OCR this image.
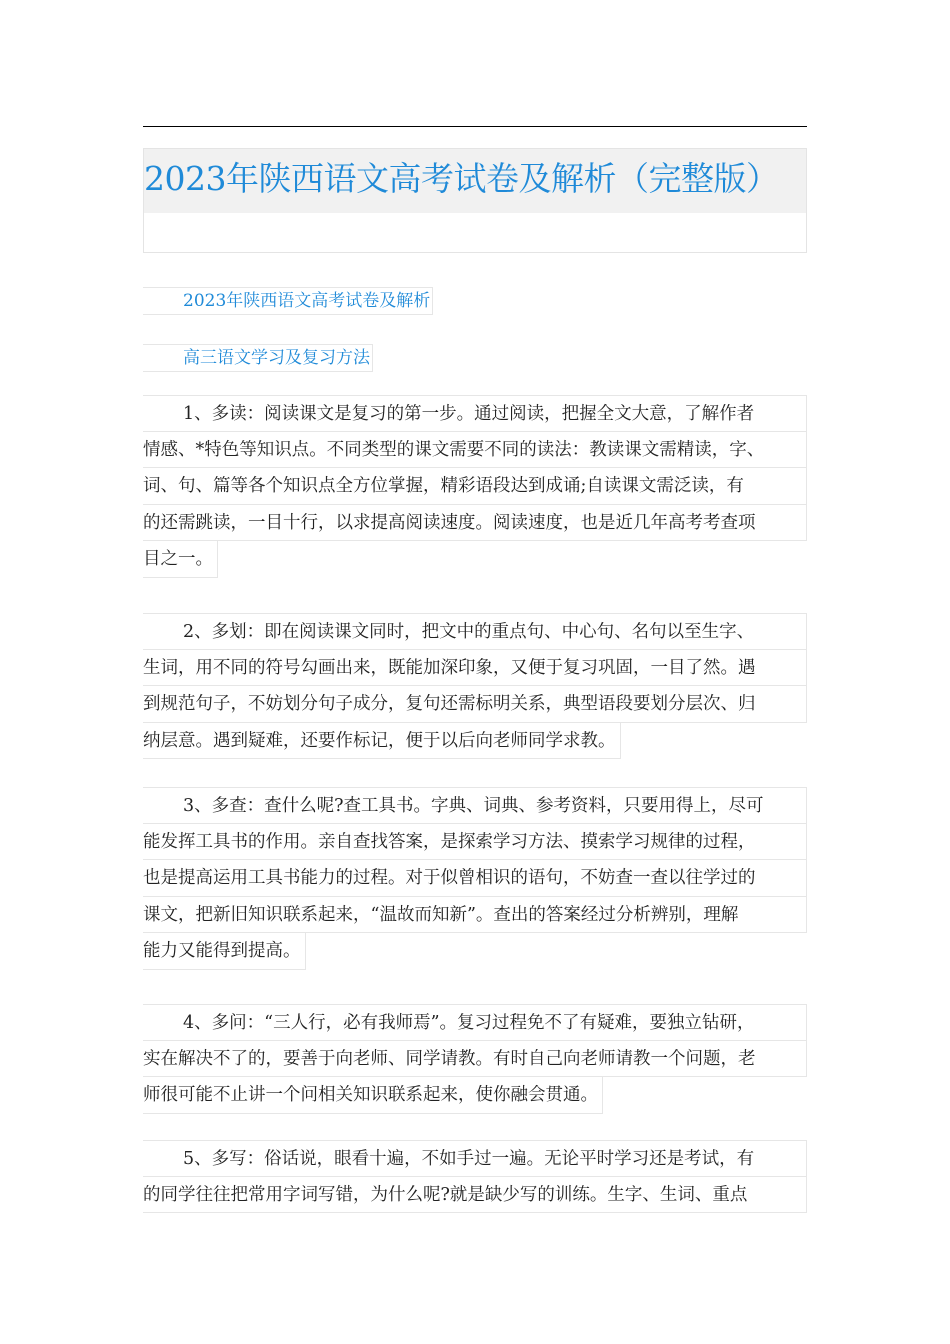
2023年陕西语文高考试卷及解析（完整版）
2023年陕西语文高考试卷及解析
高三语文学习及复习方法
1、多读：阅读课文是复习的第一步。通过阅读，把握全文大意，了解作者
情感、*特色等知识点。不同类型的课文需要不同的读法：教读课文需精读，字、
词、句、篇等各个知识点全方位掌握，精彩语段达到成诵;自读课文需泛读，有
的还需跳读，一目十行，以求提高阅读速度。阅读速度，也是近几年高考考查项
目之一。
2、多划：即在阅读课文同时，把文中的重点句、中心句、名句以至生字、
生词，用不同的符号勾画出来，既能加深印象，又便于复习巩固，一目了然。遇
到规范句子，不妨划分句子成分，复句还需标明关系，典型语段要划分层次、归
纳层意。遇到疑难，还要作标记，便于以后向老师同学求教。
3、多查：查什么呢?查工具书。字典、词典、参考资料，只要用得上，尽可
能发挥工具书的作用。亲自查找答案，是探索学习方法、摸索学习规律的过程，
也是提高运用工具书能力的过程。对于似曾相识的语句，不妨查一查以往学过的
课文，把新旧知识联系起来，“温故而知新”。查出的答案经过分析辨别，理解
能力又能得到提高。
4、多问：“三人行，必有我师焉”。复习过程免不了有疑难，要独立钻研，
实在解决不了的，要善于向老师、同学请教。有时自己向老师请教一个问题，老
师很可能不止讲一个问相关知识联系起来，使你融会贯通。
5、多写：俗话说，眼看十遍，不如手过一遍。无论平时学习还是考试，有
的同学往往把常用字词写错，为什么呢?就是缺少写的训练。生字、生词、重点
